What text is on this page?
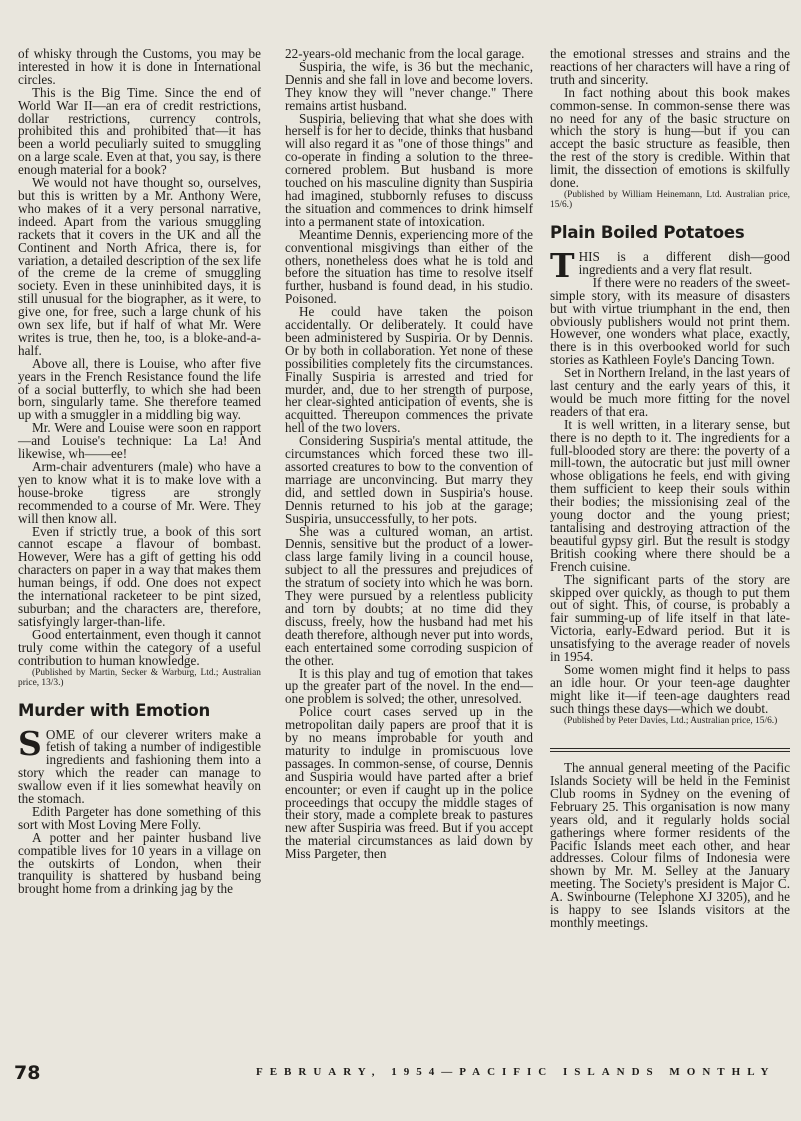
of whisky through the Customs, you may be interested in how it is done in International circles.

This is the Big Time. Since the end of World War II—an era of credit restrictions, dollar restrictions, currency controls, prohibited this and prohibited that—it has been a world peculiarly suited to smuggling on a large scale. Even at that, you say, is there enough material for a book?

We would not have thought so, ourselves, but this is written by a Mr. Anthony Were, who makes of it a very personal narrative, indeed. Apart from the various smuggling rackets that it covers in the UK and all the Continent and North Africa, there is, for variation, a detailed description of the sex life of the creme de la creme of smuggling society. Even in these uninhibited days, it is still unusual for the biographer, as it were, to give one, for free, such a large chunk of his own sex life, but if half of what Mr. Were writes is true, then he, too, is a bloke-and-a-half.

Above all, there is Louise, who after five years in the French Resistance found the life of a social butterfly, to which she had been born, singularly tame. She therefore teamed up with a smuggler in a middling big way.

Mr. Were and Louise were soon en rapport—and Louise's technique: La La! And likewise, wh——ee!

Arm-chair adventurers (male) who have a yen to know what it is to make love with a house-broke tigress are strongly recommended to a course of Mr. Were. They will then know all.

Even if strictly true, a book of this sort cannot escape a flavour of bombast. However, Were has a gift of getting his odd characters on paper in a way that makes them human beings, if odd. One does not expect the international racketeer to be pint sized, suburban; and the characters are, therefore, satisfyingly larger-than-life.

Good entertainment, even though it cannot truly come within the category of a useful contribution to human knowledge.

(Published by Martin, Secker & Warburg, Ltd.; Australian price, 13/3.)

Murder with Emotion
S OME of our cleverer writers make a fetish of taking a number of indigestible ingredients and fashioning them into a story which the reader can manage to swallow even if it lies somewhat heavily on the stomach.

Edith Pargeter has done something of this sort with Most Loving Mere Folly.

A potter and her painter husband live compatible lives for 10 years in a village on the outskirts of London, when their tranquility is shattered by husband being brought home from a drinking jag by the

22-years-old mechanic from the local garage.

Suspiria, the wife, is 36 but the mechanic, Dennis and she fall in love and become lovers. They know they will "never change." There remains artist husband.

Suspiria, believing that what she does with herself is for her to decide, thinks that husband will also regard it as "one of those things" and co-operate in finding a solution to the three-cornered problem. But husband is more touched on his masculine dignity than Suspiria had imagined, stubbornly refuses to discuss the situation and commences to drink himself into a permanent state of intoxication.

Meantime Dennis, experiencing more of the conventional misgivings than either of the others, nonetheless does what he is told and before the situation has time to resolve itself further, husband is found dead, in his studio. Poisoned.

He could have taken the poison accidentally. Or deliberately. It could have been administered by Suspiria. Or by Dennis. Or by both in collaboration. Yet none of these possibilities completely fits the circumstances. Finally Suspiria is arrested and tried for murder, and, due to her strength of purpose, her clear-sighted anticipation of events, she is acquitted. Thereupon commences the private hell of the two lovers.

Considering Suspiria's mental attitude, the circumstances which forced these two ill-assorted creatures to bow to the convention of marriage are unconvincing. But marry they did, and settled down in Suspiria's house. Dennis returned to his job at the garage; Suspiria, unsuccessfully, to her pots.

She was a cultured woman, an artist. Dennis, sensitive but the product of a lower-class large family living in a council house, subject to all the pressures and prejudices of the stratum of society into which he was born. They were pursued by a relentless publicity and torn by doubts; at no time did they discuss, freely, how the husband had met his death therefore, although never put into words, each entertained some corroding suspicion of the other.

It is this play and tug of emotion that takes up the greater part of the novel. In the end—one problem is solved; the other, unresolved.

Police court cases served up in the metropolitan daily papers are proof that it is by no means improbable for youth and maturity to indulge in promiscuous love passages. In common-sense, of course, Dennis and Suspiria would have parted after a brief encounter; or even if caught up in the police proceedings that occupy the middle stages of their story, made a complete break to pastures new after Suspiria was freed. But if you accept the material circumstances as laid down by Miss Pargeter, then

the emotional stresses and strains and the reactions of her characters will have a ring of truth and sincerity.

In fact nothing about this book makes common-sense. In common-sense there was no need for any of the basic structure on which the story is hung—but if you can accept the basic structure as feasible, then the rest of the story is credible. Within that limit, the dissection of emotions is skilfully done.

(Published by William Heinemann, Ltd. Australian price, 15/6.)

Plain Boiled Potatoes
T HIS is a different dish—good ingredients and a very flat result.

If there were no readers of the sweet-simple story, with its measure of disasters but with virtue triumphant in the end, then obviously publishers would not print them. However, one wonders what place, exactly, there is in this overbooked world for such stories as Kathleen Foyle's Dancing Town.

Set in Northern Ireland, in the last years of last century and the early years of this, it would be much more fitting for the novel readers of that era.

It is well written, in a literary sense, but there is no depth to it. The ingredients for a full-blooded story are there: the poverty of a mill-town, the autocratic but just mill owner whose obligations he feels, end with giving them sufficient to keep their souls within their bodies; the missionising zeal of the young doctor and the young priest; tantalising and destroying attraction of the beautiful gypsy girl. But the result is stodgy British cooking where there should be a French cuisine.

The significant parts of the story are skipped over quickly, as though to put them out of sight. This, of course, is probably a fair summing-up of life itself in that late-Victoria, early-Edward period. But it is unsatisfying to the average reader of novels in 1954.

Some women might find it helps to pass an idle hour. Or your teen-age daughter might like it—if teen-age daughters read such things these days—which we doubt.

(Published by Peter Davies, Ltd.; Australian price, 15/6.)

The annual general meeting of the Pacific Islands Society will be held in the Feminist Club rooms in Sydney on the evening of February 25. This organisation is now many years old, and it regularly holds social gatherings where former residents of the Pacific Islands meet each other, and hear addresses. Colour films of Indonesia were shown by Mr. M. Selley at the January meeting. The Society's president is Major C. A. Swinbourne (Telephone XJ 3205), and he is happy to see Islands visitors at the monthly meetings.

78	FEBRUARY, 1954—PACIFIC ISLANDS MONTHLY
